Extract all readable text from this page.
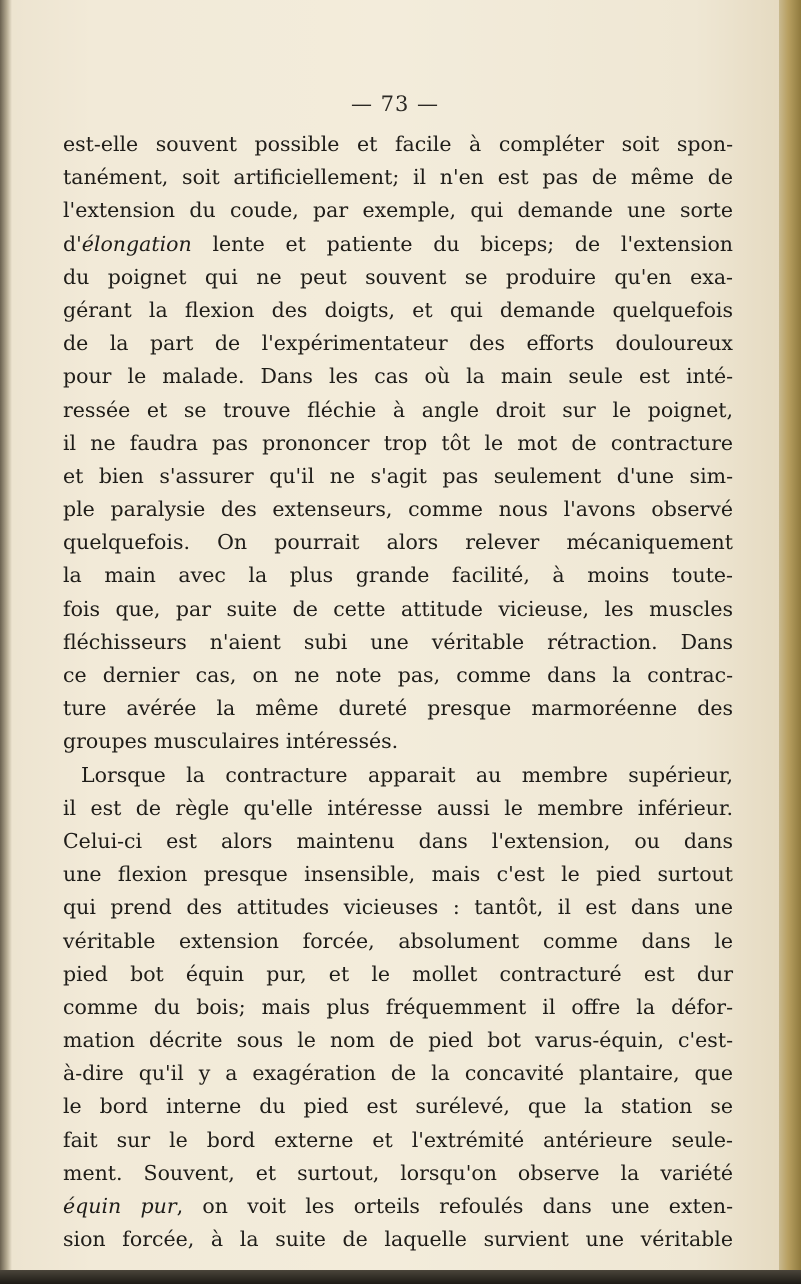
— 73 —
est-elle souvent possible et facile à compléter soit spon-
tanément, soit artificiellement; il n'en est pas de même de
l'extension du coude, par exemple, qui demande une sorte
d'élongation lente et patiente du biceps; de l'extension
du poignet qui ne peut souvent se produire qu'en exa-
gérant la flexion des doigts, et qui demande quelquefois
de la part de l'expérimentateur des efforts douloureux
pour le malade. Dans les cas où la main seule est inté-
ressée et se trouve fléchie à angle droit sur le poignet,
il ne faudra pas prononcer trop tôt le mot de contracture
et bien s'assurer qu'il ne s'agit pas seulement d'une sim-
ple paralysie des extenseurs, comme nous l'avons observé
quelquefois. On pourrait alors relever mécaniquement
la main avec la plus grande facilité, à moins toute-
fois que, par suite de cette attitude vicieuse, les muscles
fléchisseurs n'aient subi une véritable rétraction. Dans
ce dernier cas, on ne note pas, comme dans la contrac-
ture avérée la même dureté presque marmoréenne des
groupes musculaires intéressés.
Lorsque la contracture apparait au membre supérieur,
il est de règle qu'elle intéresse aussi le membre inférieur.
Celui-ci est alors maintenu dans l'extension, ou dans
une flexion presque insensible, mais c'est le pied surtout
qui prend des attitudes vicieuses : tantôt, il est dans une
véritable extension forcée, absolument comme dans le
pied bot équin pur, et le mollet contracturé est dur
comme du bois; mais plus fréquemment il offre la défor-
mation décrite sous le nom de pied bot varus-équin, c'est-
à-dire qu'il y a exagération de la concavité plantaire, que
le bord interne du pied est surélevé, que la station se
fait sur le bord externe et l'extrémité antérieure seule-
ment. Souvent, et surtout, lorsqu'on observe la variété
équin pur, on voit les orteils refoulés dans une exten-
sion forcée, à la suite de laquelle survient une véritable
